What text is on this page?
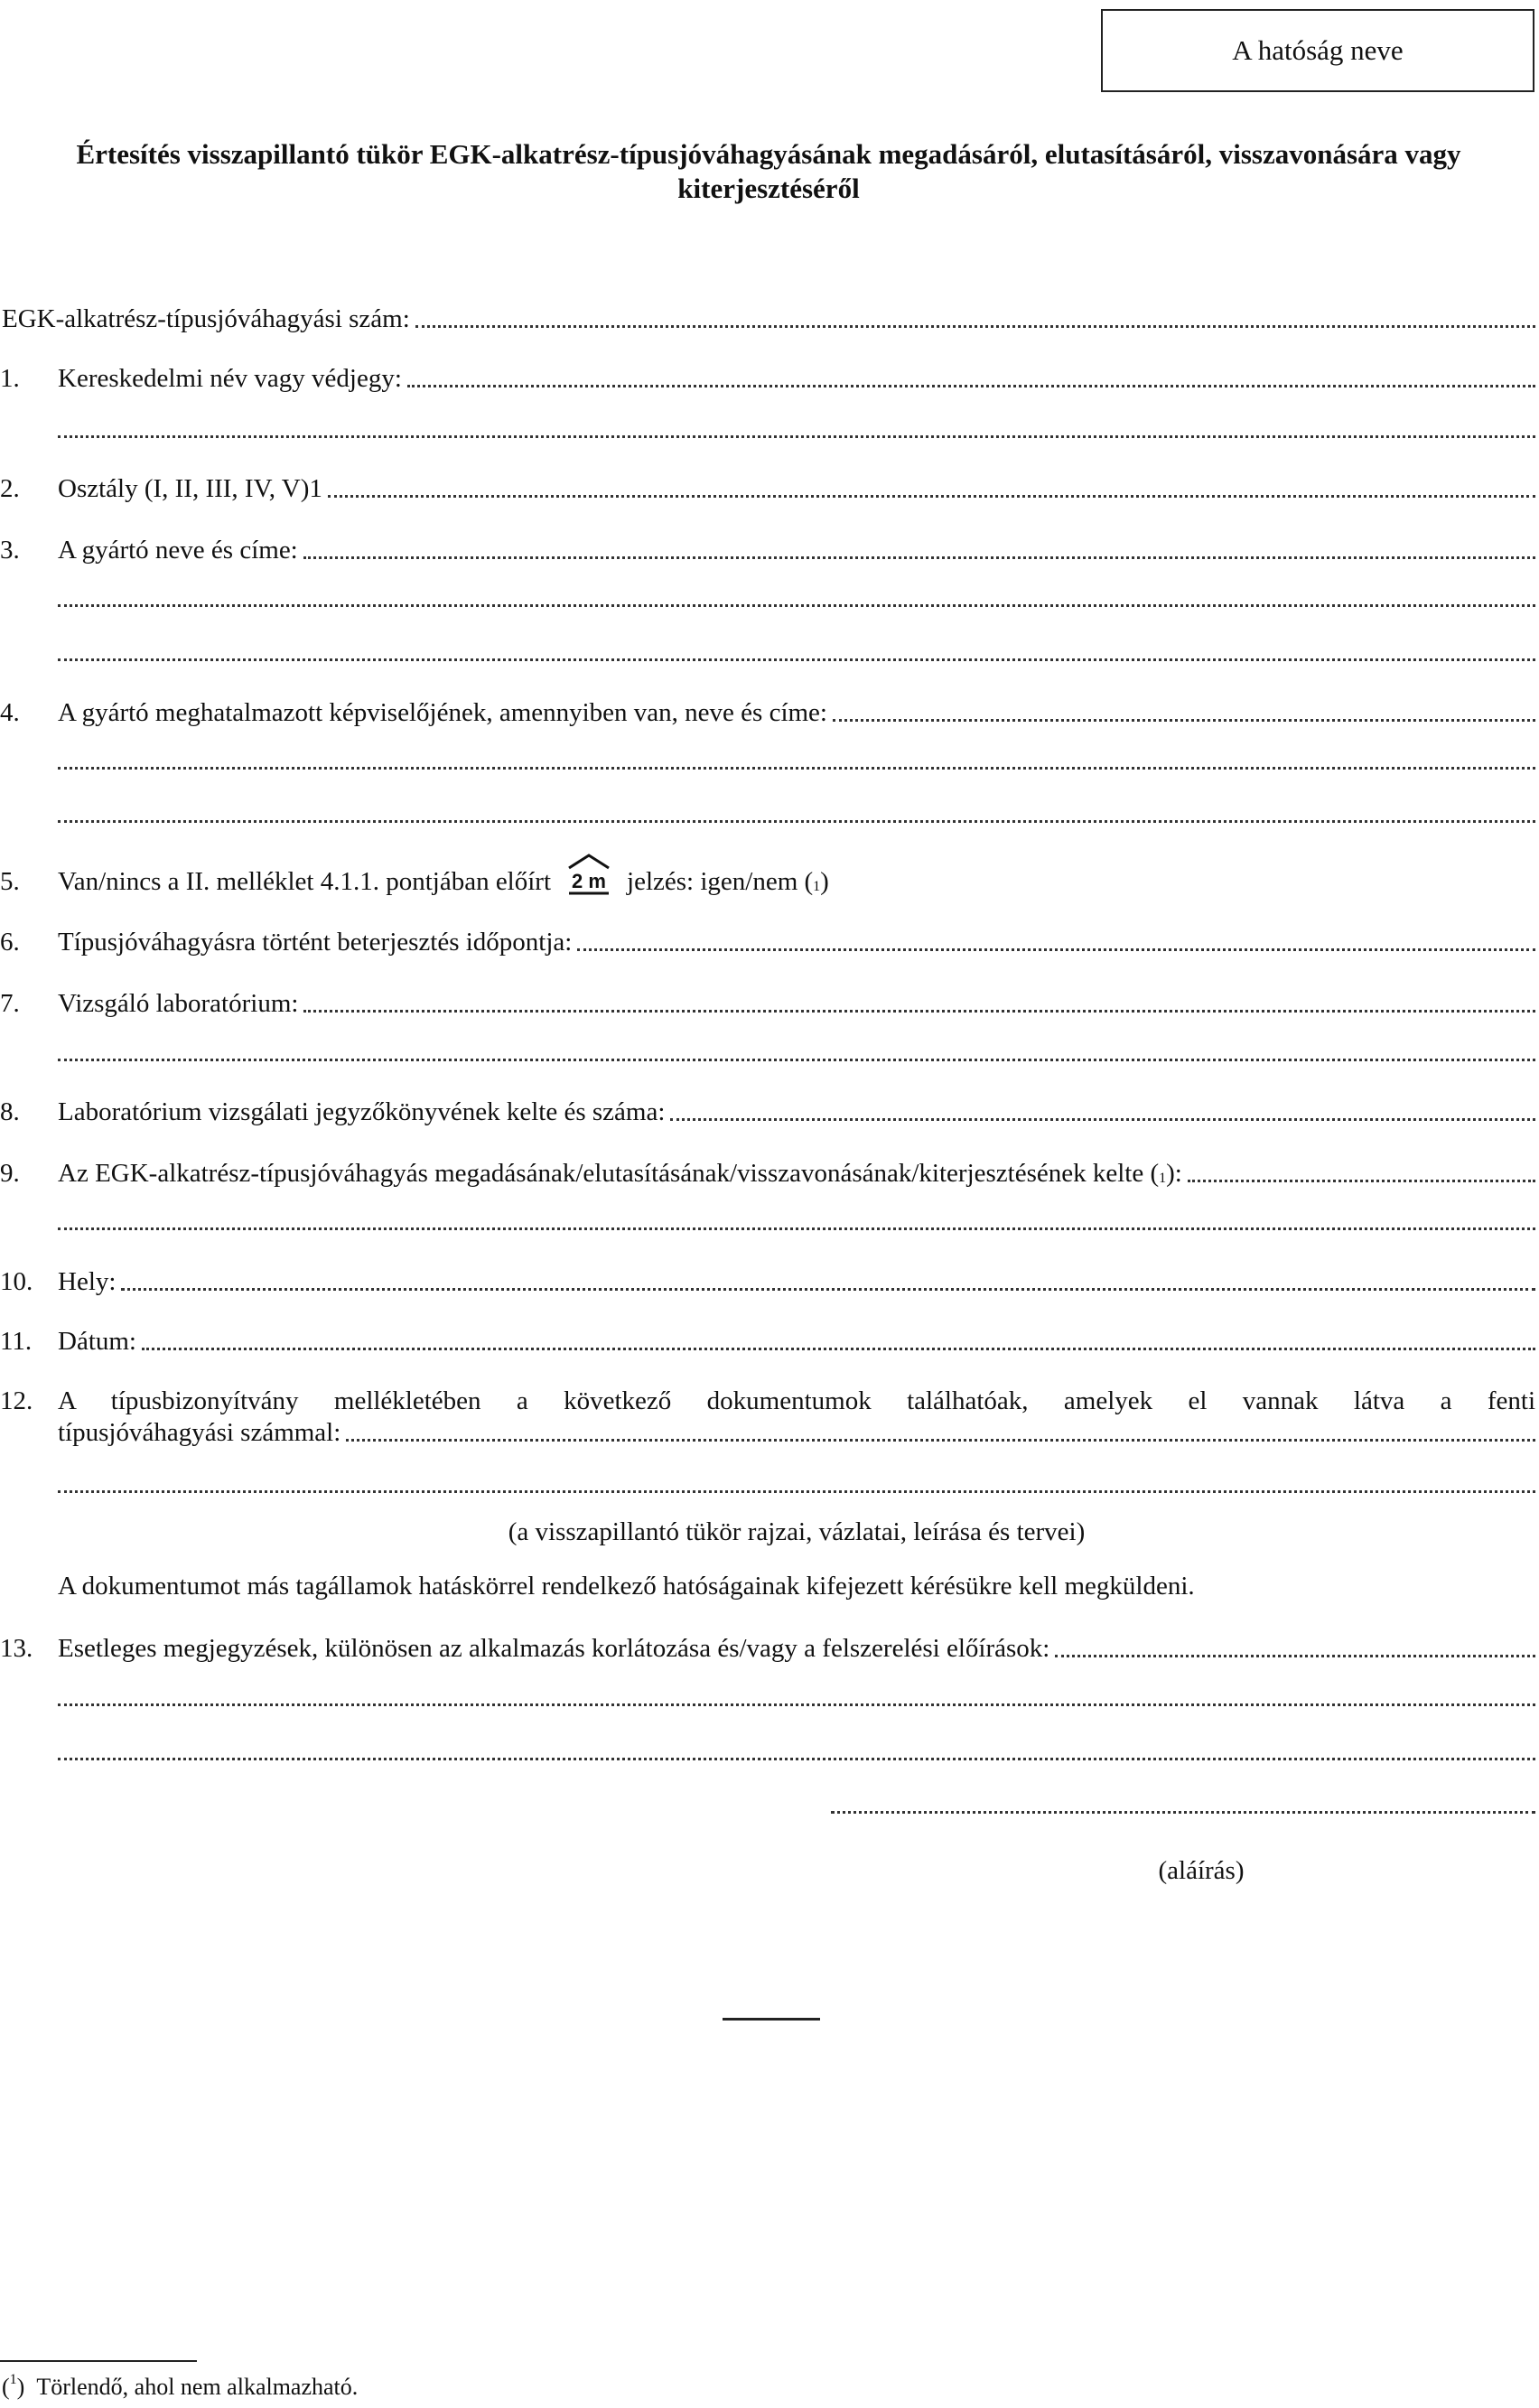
A hatóság neve
Értesítés visszapillantó tükör EGK-alkatrész-típusjóváhagyásának megadásáról, elutasításáról, visszavonására vagy kiterjesztéséről
EGK-alkatrész-típusjóváhagyási szám:
1.	Kereskedelmi név vagy védjegy:
2.	Osztály (I, II, III, IV, V)1
3.	A gyártó neve és címe:
4.	A gyártó meghatalmazott képviselőjének, amennyiben van, neve és címe:
5.	Van/nincs a II. melléklet 4.1.1. pontjában előírt 2 m jelzés: igen/nem ($^1$ )
6.	Típusjóváhagyásra történt beterjesztés időpontja:
7.	Vizsgáló laboratórium:
8.	Laboratórium vizsgálati jegyzőkönyvének kelte és száma:
9.	Az EGK-alkatrész-típusjóváhagyás megadásának/elutasításának/visszavonásának/kiterjesztésének kelte ($^1$ ):
10. Hely:
11. Dátum:
12. A típusbizonyítvány mellékletében a következő dokumentumok találhatóak, amelyek el vannak látva a fenti
típusjóváhagyási számmal:
(a visszapillantó tükör rajzai, vázlatai, leírása és tervei)
A dokumentumot más tagállamok hatáskörrel rendelkező hatóságainak kifejezett kérésükre kell megküldeni.
13. Esetleges megjegyzések, különösen az alkalmazás korlátozása és/vagy a felszerelési előírások:
(aláírás)
($^1$)  Törlendő, ahol nem alkalmazható.
